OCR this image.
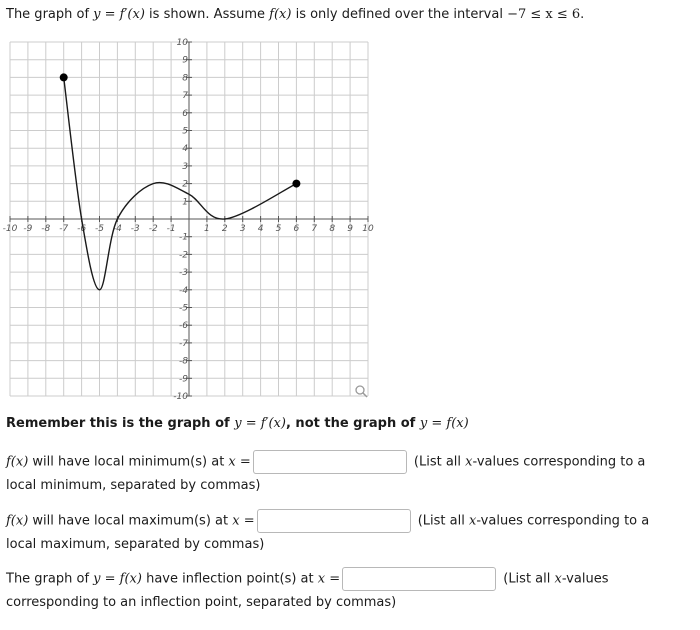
The graph of y = f′(x) is shown. Assume f(x) is only defined over the interval −7 ≤ x ≤ 6.
-10 -9 -8 -7 -6 -5 -4 -3 -2 -1	1 2 3 4 5 6 7 8 9 10
-10
-9
-8
-7
-6
-5
-4
-3
-2
-1
1
2
3
4
5
6
7
8
9
10
Remember this is the graph of y = f′(x), not the graph of y = f(x)
f(x) will have local minimum(s) at x =	(List all x-values corresponding to a local minimum, separated by commas)
f(x) will have local maximum(s) at x =	(List all x-values corresponding to a local maximum, separated by commas)
The graph of y = f(x) have inflection point(s) at x =	(List all x-values corresponding to an inflection point, separated by commas)
